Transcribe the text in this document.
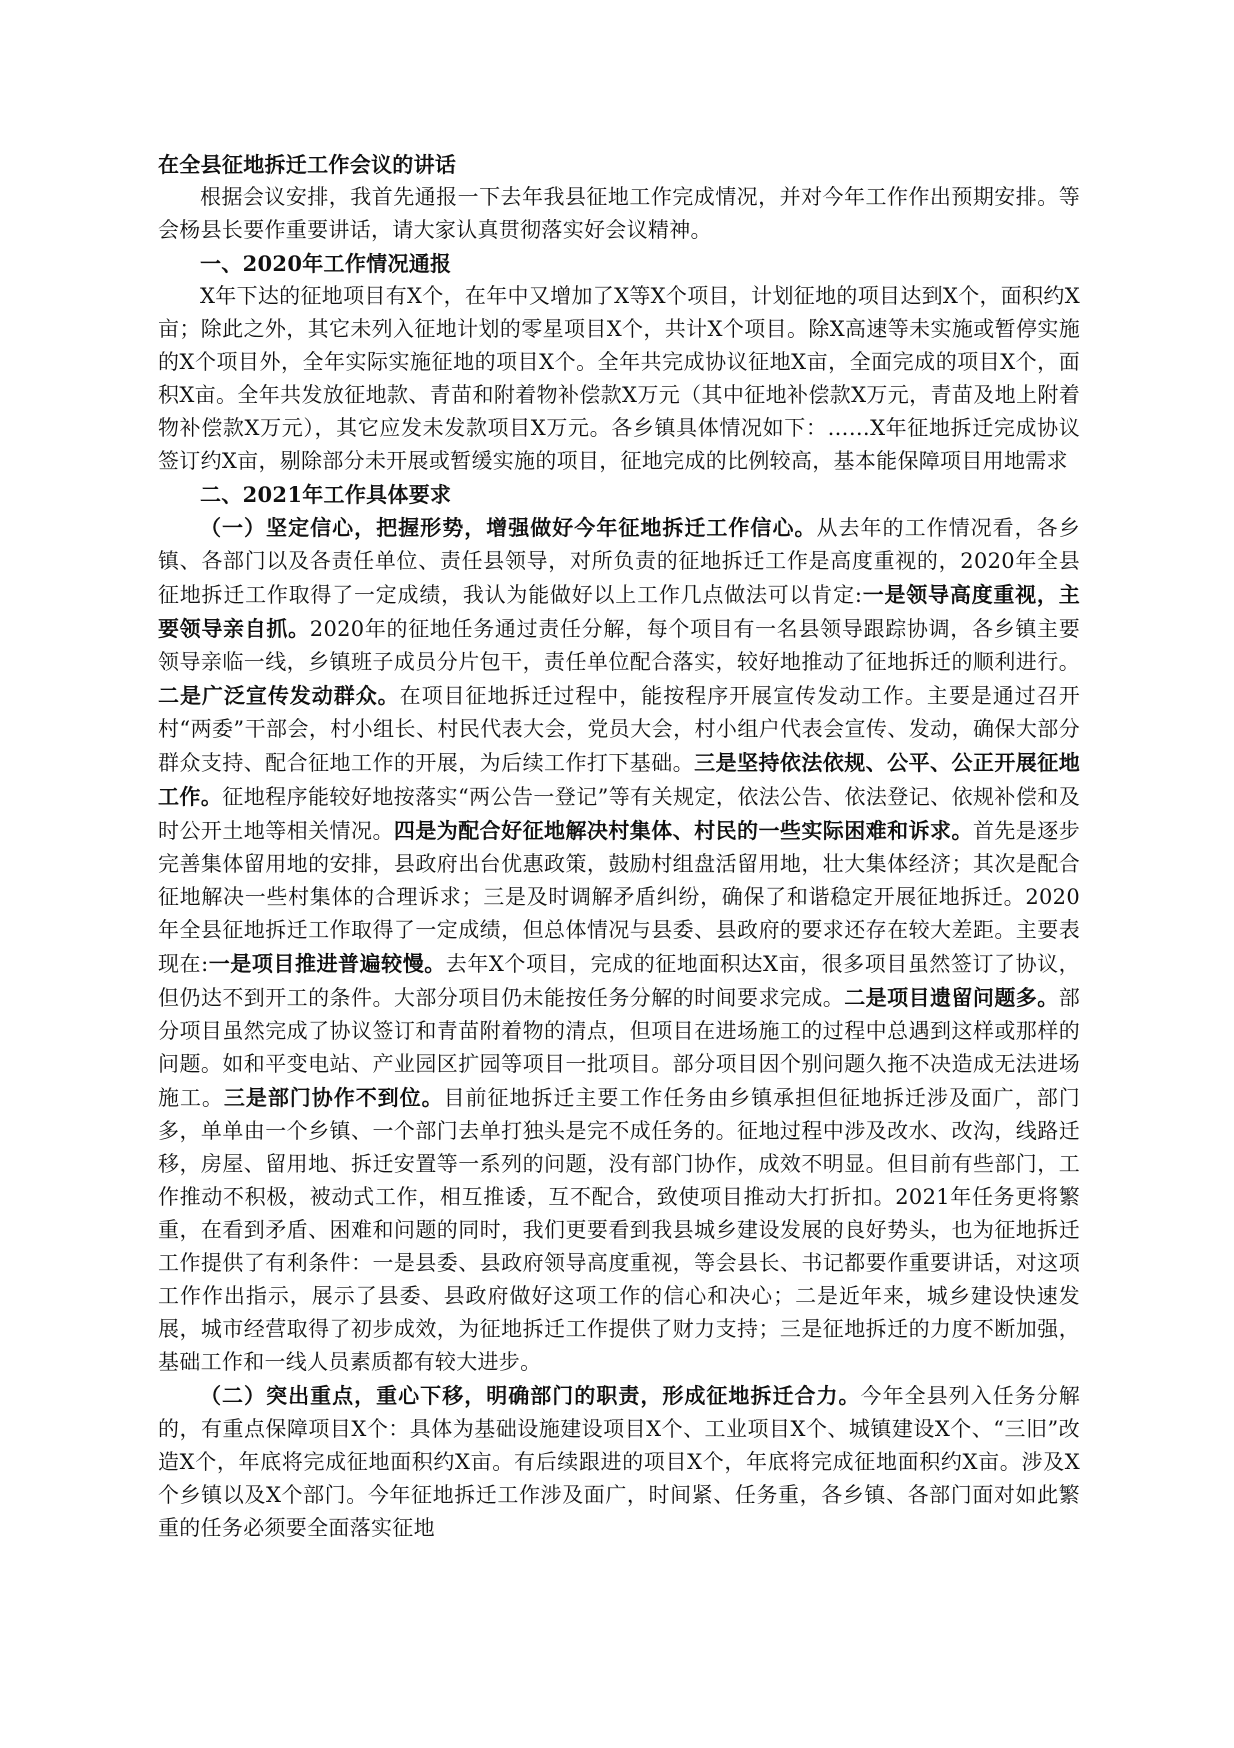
在全县征地拆迁工作会议的讲话

根据会议安排，我首先通报一下去年我县征地工作完成情况，并对今年工作作出预期安排。等会杨县长要作重要讲话，请大家认真贯彻落实好会议精神。

一、2020年工作情况通报

X年下达的征地项目有X个，在年中又增加了X等X个项目，计划征地的项目达到X个，面积约X亩；除此之外，其它未列入征地计划的零星项目X个，共计X个项目。除X高速等未实施或暂停实施的X个项目外，全年实际实施征地的项目X个。全年共完成协议征地X亩，全面完成的项目X个，面积X亩。全年共发放征地款、青苗和附着物补偿款X万元（其中征地补偿款X万元，青苗及地上附着物补偿款X万元），其它应发未发款项目X万元。各乡镇具体情况如下：……X年征地拆迁完成协议签订约X亩，剔除部分未开展或暂缓实施的项目，征地完成的比例较高，基本能保障项目用地需求

二、2021年工作具体要求

（一）坚定信心，把握形势，增强做好今年征地拆迁工作信心。从去年的工作情况看，各乡镇、各部门以及各责任单位、责任县领导，对所负责的征地拆迁工作是高度重视的，2020年全县征地拆迁工作取得了一定成绩，我认为能做好以上工作几点做法可以肯定:一是领导高度重视，主要领导亲自抓。2020年的征地任务通过责任分解，每个项目有一名县领导跟踪协调，各乡镇主要领导亲临一线，乡镇班子成员分片包干，责任单位配合落实，较好地推动了征地拆迁的顺利进行。二是广泛宣传发动群众。在项目征地拆迁过程中，能按程序开展宣传发动工作。主要是通过召开村“两委”干部会，村小组长、村民代表大会，党员大会，村小组户代表会宣传、发动，确保大部分群众支持、配合征地工作的开展，为后续工作打下基础。三是坚持依法依规、公平、公正开展征地工作。征地程序能较好地按落实“两公告一登记”等有关规定，依法公告、依法登记、依规补偿和及时公开土地等相关情况。四是为配合好征地解决村集体、村民的一些实际困难和诉求。首先是逐步完善集体留用地的安排，县政府出台优惠政策，鼓励村组盘活留用地，壮大集体经济；其次是配合征地解决一些村集体的合理诉求；三是及时调解矛盾纠纷，确保了和谐稳定开展征地拆迁。2020年全县征地拆迁工作取得了一定成绩，但总体情况与县委、县政府的要求还存在较大差距。主要表现在:一是项目推进普遍较慢。去年X个项目，完成的征地面积达X亩，很多项目虽然签订了协议，但仍达不到开工的条件。大部分项目仍未能按任务分解的时间要求完成。二是项目遗留问题多。部分项目虽然完成了协议签订和青苗附着物的清点，但项目在进场施工的过程中总遇到这样或那样的问题。如和平变电站、产业园区扩园等项目一批项目。部分项目因个别问题久拖不决造成无法进场施工。三是部门协作不到位。目前征地拆迁主要工作任务由乡镇承担但征地拆迁涉及面广，部门多，单单由一个乡镇、一个部门去单打独头是完不成任务的。征地过程中涉及改水、改沟，线路迁移，房屋、留用地、拆迁安置等一系列的问题，没有部门协作，成效不明显。但目前有些部门，工作推动不积极，被动式工作，相互推诿，互不配合，致使项目推动大打折扣。2021年任务更将繁重，在看到矛盾、困难和问题的同时，我们更要看到我县城乡建设发展的良好势头，也为征地拆迁工作提供了有利条件：一是县委、县政府领导高度重视，等会县长、书记都要作重要讲话，对这项工作作出指示，展示了县委、县政府做好这项工作的信心和决心；二是近年来，城乡建设快速发展，城市经营取得了初步成效，为征地拆迁工作提供了财力支持；三是征地拆迁的力度不断加强，基础工作和一线人员素质都有较大进步。

（二）突出重点，重心下移，明确部门的职责，形成征地拆迁合力。今年全县列入任务分解的，有重点保障项目X个：具体为基础设施建设项目X个、工业项目X个、城镇建设X个、“三旧”改造X个，年底将完成征地面积约X亩。有后续跟进的项目X个，年底将完成征地面积约X亩。涉及X个乡镇以及X个部门。今年征地拆迁工作涉及面广，时间紧、任务重，各乡镇、各部门面对如此繁重的任务必须要全面落实征地
